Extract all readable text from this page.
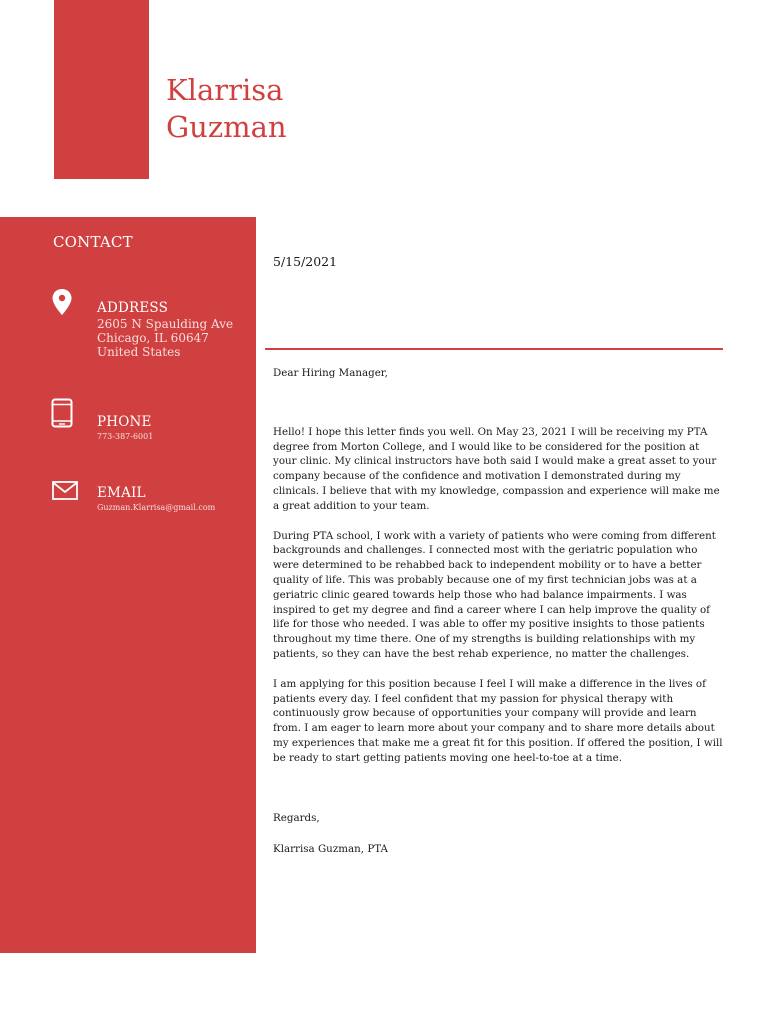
Klarrisa
Guzman
CONTACT
ADDRESS
2605 N Spaulding Ave
Chicago, IL 60647
United States
PHONE
773-387-6001
EMAIL
Guzman.Klarrisa@gmail.com
5/15/2021

Dear Hiring Manager,

Hello! I hope this letter finds you well. On May 23, 2021 I will be receiving my PTA degree from Morton College, and I would like to be considered for the position at your clinic. My clinical instructors have both said I would make a great asset to your company because of the confidence and motivation I demonstrated during my clinicals. I believe that with my knowledge, compassion and experience will make me a great addition to your team.

During PTA school, I work with a variety of patients who were coming from different backgrounds and challenges. I connected most with the geriatric population who were determined to be rehabbed back to independent mobility or to have a better quality of life. This was probably because one of my first technician jobs was at a geriatric clinic geared towards help those who had balance impairments. I was inspired to get my degree and find a career where I can help improve the quality of life for those who needed. I was able to offer my positive insights to those patients throughout my time there. One of my strengths is building relationships with my patients, so they can have the best rehab experience, no matter the challenges.

I am applying for this position because I feel I will make a difference in the lives of patients every day. I feel confident that my passion for physical therapy with continuously grow because of opportunities your company will provide and learn from. I am eager to learn more about your company and to share more details about my experiences that make me a great fit for this position. If offered the position, I will be ready to start getting patients moving one heel-to-toe at a time.

Regards,

Klarrisa Guzman, PTA
